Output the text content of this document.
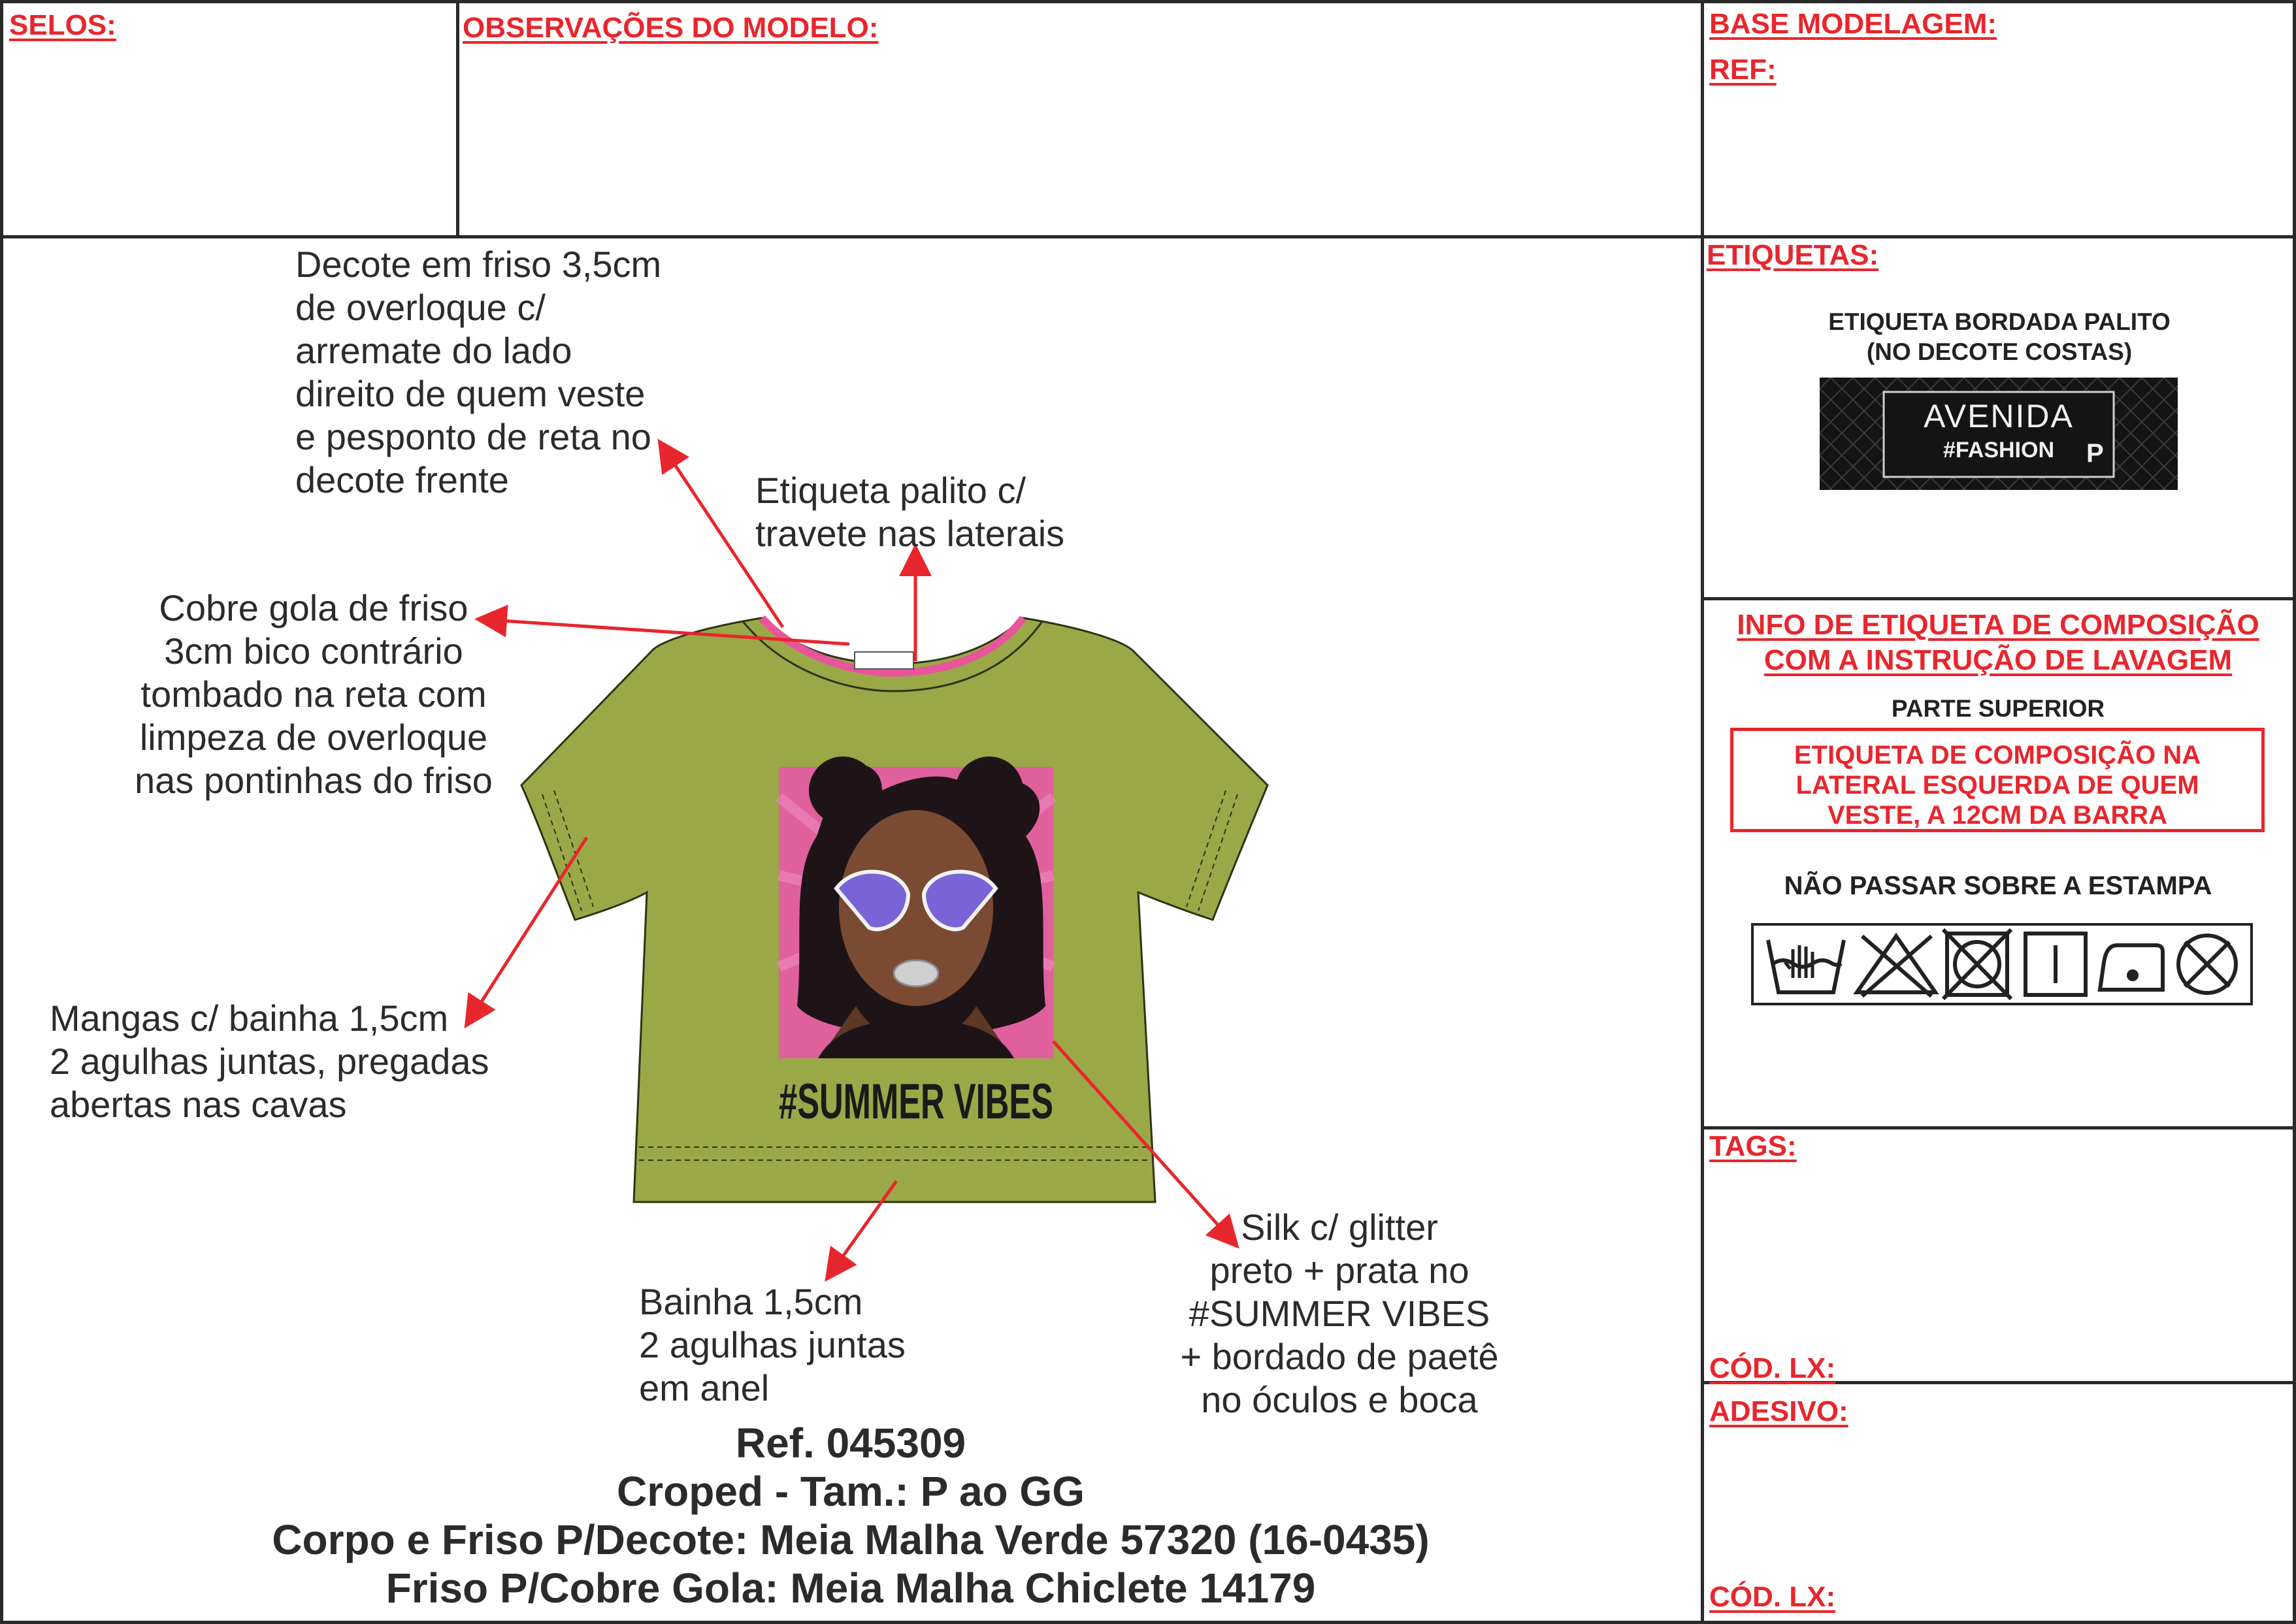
SELOS:	OBSERVAÇÕES DO MODELO:	BASE MODELAGEM:
REF:
ETIQUETAS:
TAGS:
CÓD. LX:
ADESIVO:
CÓD. LX:
ETIQUETA BORDADA PALITO
(NO DECOTE COSTAS)
AVENIDA
#FASHION	P
INFO DE ETIQUETA DE COMPOSIÇÃO
COM A INSTRUÇÃO DE LAVAGEM
PARTE SUPERIOR
ETIQUETA DE COMPOSIÇÃO NA
LATERAL ESQUERDA DE QUEM
VESTE, A 12CM DA BARRA
NÃO PASSAR SOBRE A ESTAMPA
#SUMMER VIBES
Decote em friso 3,5cm
de overloque c/
arremate do lado
direito de quem veste
e pesponto de reta no
decote frente	Etiqueta palito c/
travete nas laterais
Cobre gola de friso
3cm bico contrário
tombado na reta com
limpeza de overloque
nas pontinhas do friso
Mangas c/ bainha 1,5cm
2 agulhas juntas, pregadas
abertas nas cavas
Bainha 1,5cm
2 agulhas juntas
em anel
Silk c/ glitter
preto + prata no
#SUMMER VIBES
+ bordado de paetê
no óculos e boca
Ref. 045309
Croped - Tam.: P ao GG
Corpo e Friso P/Decote: Meia Malha Verde 57320 (16-0435)
Friso P/Cobre Gola: Meia Malha Chiclete 14179
